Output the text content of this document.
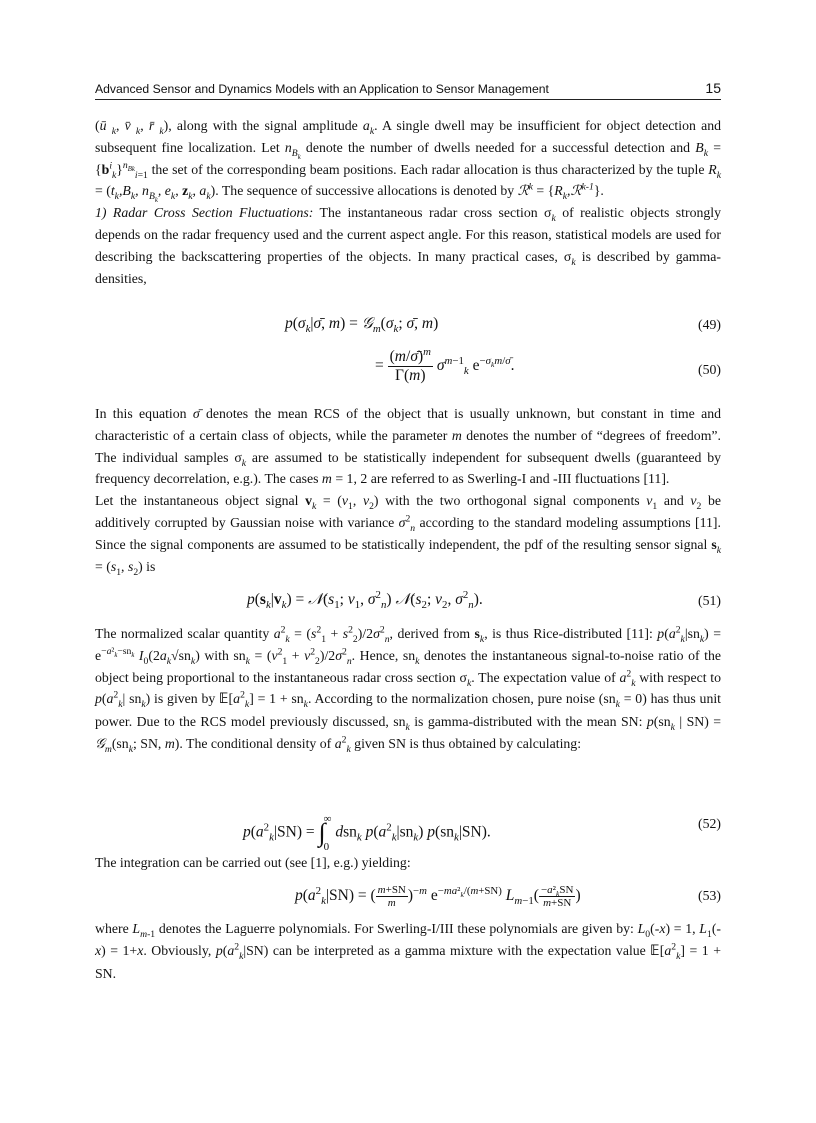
Advanced Sensor and Dynamics Models with an Application to Sensor Management	15

(ū $_k$, v̄ $_k$, r̄ $_k$), along with the signal amplitude $a_k$. A single dwell may be insufficient for object detection and subsequent fine localization. Let $n_{B_k}$ denote the number of dwells needed for a successful detection and $B_k = \{b^i_k\}^{n_{Bk}}_{i=1}$ the set of the corresponding beam positions. Each radar allocation is thus characterized by the tuple $R_k = (t_k,B_k$, $n_{B_k}$, $e_k$, $z_k$, $a_k$). The sequence of successive allocations is denoted by ℛ$^k$ = $\{R_k,ℛ^{k-1}\}$.

1) Radar Cross Section Fluctuations: The instantaneous radar cross section $\sigma_k$ of realistic objects strongly depends on the radar frequency used and the current aspect angle. For this reason, statistical models are used for describing the backscattering properties of the objects. In many practical cases, $\sigma_k$ is described by gamma-densities,

$p(\sigma_k|\sigmā$, $m) = 𝒢_m(\sigma_k$; σ̄, m)	(49)
= $\frac{(m/\sigmā)^m}{\Gamma(m)} \sigma^{m-1}_k$ $e^{-\sigma_km/\sigmā}$.	(50)

In this equation σ̄ denotes the mean RCS of the object that is usually unknown, but constant in time and characteristic of a certain class of objects, while the parameter m denotes the number of “degrees of freedom”. The individual samples $\sigma_k$ are assumed to be statistically independent for subsequent dwells (guaranteed by frequency decorrelation, e.g.). The cases m = 1, 2 are referred to as Swerling-I and -III fluctuations [11].

Let the instantaneous object signal $v_k = (v_1$, $v_2$) with the two orthogonal signal components $v_1$ and $v_2$ be additively corrupted by Gaussian noise with variance $\sigma^2_n$ according to the standard modeling assumptions [11]. Since the signal components are assumed to be statistically independent, the pdf of the resulting sensor signal $s_k = (s_1$, $s_2$) is

$p(s_k|v_k)$ = $𝒩(s_1$; $v_1$, $\sigma^2_n$) $𝒩(s_2$; $v_2$, $\sigma^2_n$).	(51)

The normalized scalar quantity $a^2_k = (s^2_1 + s^2_2)/2\sigma^2_n$, derived from $s_k$, is thus Rice-distributed [11]: $p(a^2_k|sn_k) = e^{-a^2_k-sn_k}$ $I_0(2a_k√sn_k)$ with $sn_k = (v^2_1 + v^2_2)/2\sigma^2_n$. Hence, $sn_k$ denotes the instantaneous signal-to-noise ratio of the object being proportional to the instantaneous radar cross section $\sigma_k$. The expectation value of $a^2_k$ with respect to $p(a^2_k|$ $sn_k$) is given by $𝔼[a^2_k] = 1 + sn_k$. According to the normalization chosen, pure noise $(sn_k = 0)$ has thus unit power. Due to the RCS model previously discussed, $sn_k$ is gamma-distributed with the mean SN: $p(sn_k$ | $SN) = 𝒢_m(sn_k$; SN, m). The conditional density of $a^2_k$ given SN is thus obtained by calculating:

$p(a^2_k|SN)$ = ∫∞

0 dsn$_k$ $p(a^2_k|sn_k)$ $p(sn_k|SN)$.
(52)

The integration can be carried out (see [1], e.g.) yielding:

$p(a^2_k|SN)$ = ( $\frac{m+SN}{m} )^{-m}$ $e^{-ma^2_k/(m+SN)}$ $L_{m-1}( \frac{-a^2_kSN}{m+SN}$ )	(53)

where $L_{m-1}$ denotes the Laguerre polynomials. For Swerling-I/III these polynomials are given by: $L_0(-x) = 1$, $L_1(-x) = 1+x$. Obviously, $p(a^2_k|SN)$ can be interpreted as a gamma mixture with the expectation value $𝔼[a^2_k] = 1$ + SN.
